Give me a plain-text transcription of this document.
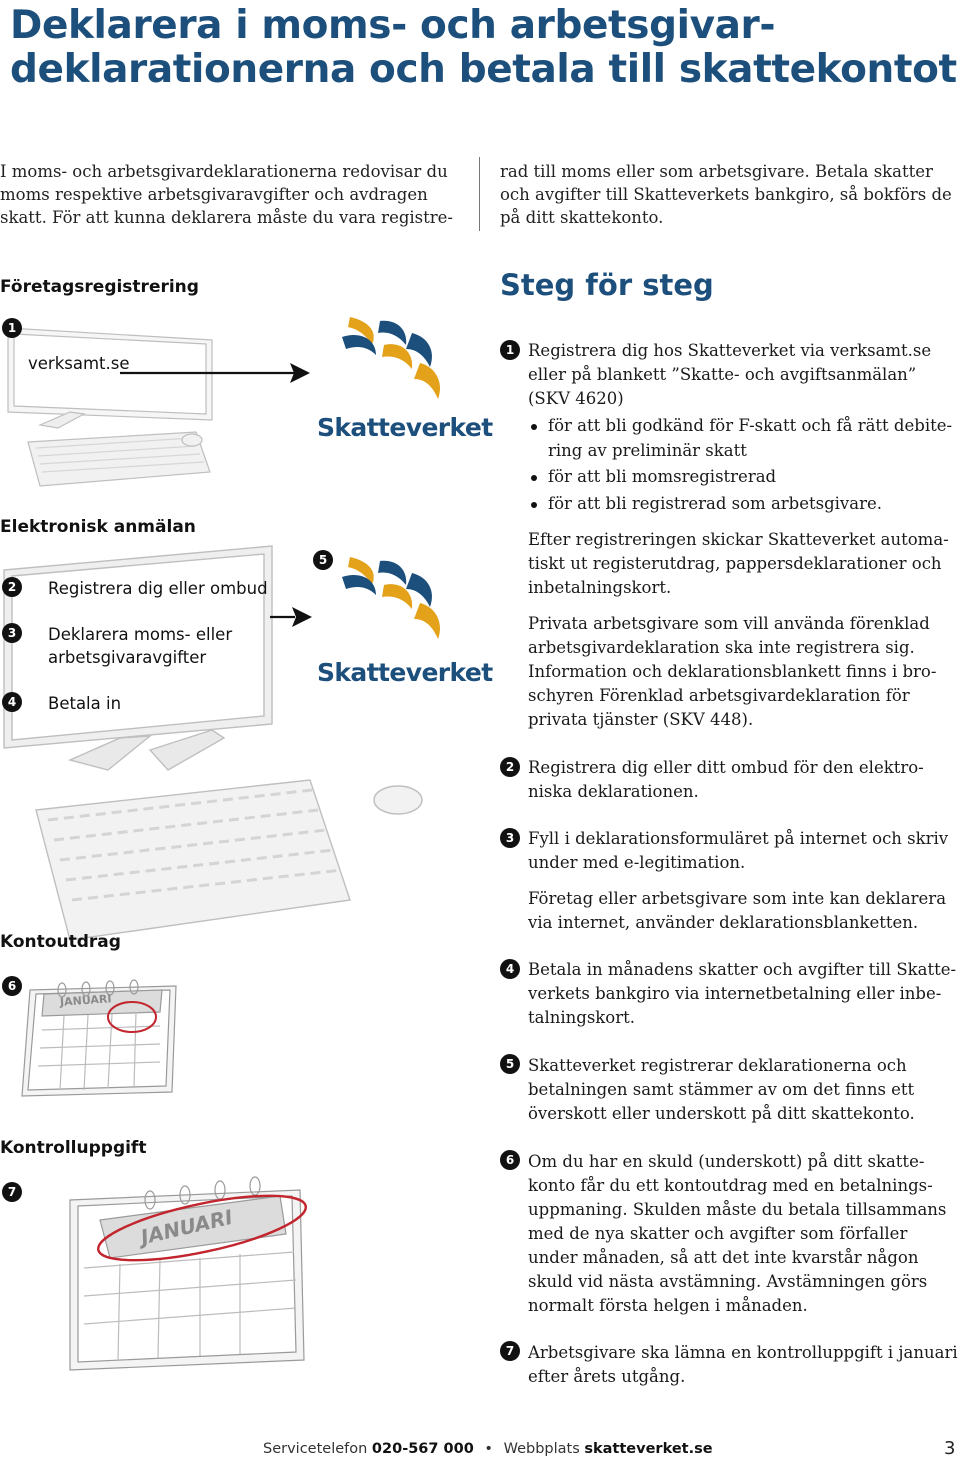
Deklarera i moms- och arbetsgivar-
deklarationerna och betala till skattekontot
I moms- och arbetsgivardeklarationerna redovisar du
moms respektive arbetsgivaravgifter och avdragen
skatt. För att kunna deklarera måste du vara registre-
rad till moms eller som arbetsgivare. Betala skatter
och avgifter till Skatteverkets bankgiro, så bokförs de
på ditt skattekonto.
Företagsregistrering
1
verksamt.se
Skatteverket
Elektronisk anmälan
5
2	Registrera dig eller ombud
3	Deklarera moms- eller
arbetsgivaravgifter
4	Betala in
Skatteverket
Kontoutdrag
6
JANUARI
Kontrolluppgift
7
JANUARI
Steg för steg
1 Registrera dig hos Skatteverket via verksamt.se
eller på blankett ”Skatte- och avgiftsanmälan”
(SKV 4620)
för att bli godkänd för F-skatt och få rätt debite-
ring av preliminär skatt
för att bli momsregistrerad
för att bli registrerad som arbetsgivare.
Efter registreringen skickar Skatteverket automa-
tiskt ut registerutdrag, pappersdeklarationer och
inbetalningskort.
Privata arbetsgivare som vill använda förenklad
arbetsgivardeklaration ska inte registrera sig.
Information och deklarationsblankett finns i bro-
schyren Förenklad arbetsgivardeklaration för
privata tjänster (SKV 448).
2 Registrera dig eller ditt ombud för den elektro-
niska deklarationen.
3 Fyll i deklarationsformuläret på internet och skriv
under med e-legitimation.
Företag eller arbetsgivare som inte kan deklarera
via internet, använder deklarationsblanketten.
4 Betala in månadens skatter och avgifter till Skatte-
verkets bankgiro via internetbetalning eller inbe-
talningskort.
5 Skatteverket registrerar deklarationerna och
betalningen samt stämmer av om det finns ett
överskott eller underskott på ditt skattekonto.
6 Om du har en skuld (underskott) på ditt skatte-
konto får du ett kontoutdrag med en betalnings-
uppmaning. Skulden måste du betala tillsammans
med de nya skatter och avgifter som förfaller
under månaden, så att det inte kvarstår någon
skuld vid nästa avstämning. Avstämningen görs
normalt första helgen i månaden.
7 Arbetsgivare ska lämna en kontrolluppgift i januari
efter årets utgång.
Servicetelefon 020-567 000 • Webbplats skatteverket.se	3
